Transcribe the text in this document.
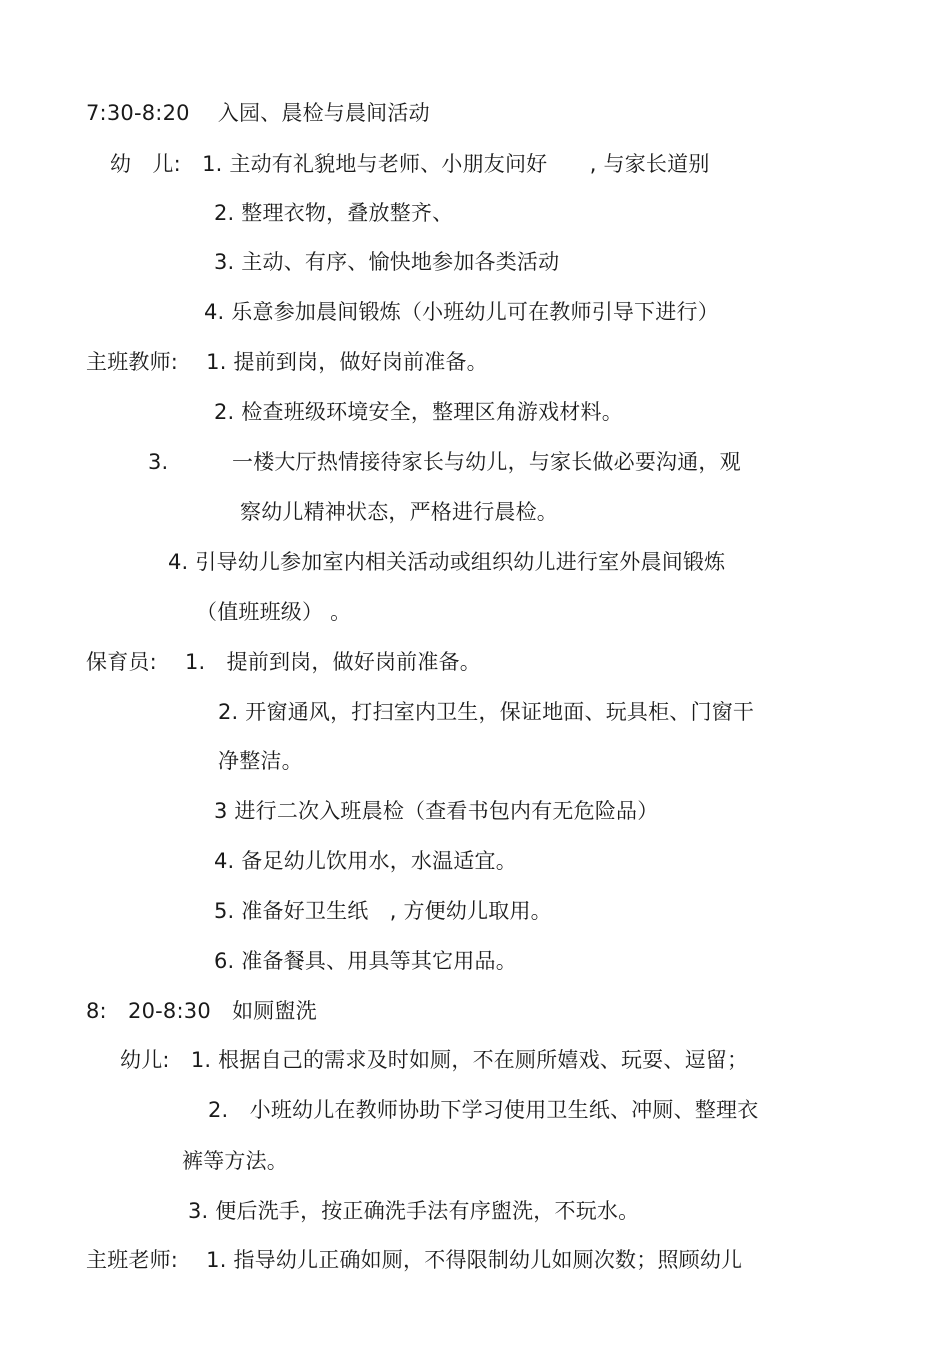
7:30-8:20　 入园、晨检与晨间活动
幼　儿:　1. 主动有礼貌地与老师、小朋友问好　　, 与家长道别
2. 整理衣物，叠放整齐、
3. 主动、有序、愉快地参加各类活动
4. 乐意参加晨间锻炼（小班幼儿可在教师引导下进行）
主班教师:　 1. 提前到岗，做好岗前准备。
2. 检查班级环境安全，整理区角游戏材料。
3.　　　一楼大厅热情接待家长与幼儿，与家长做必要沟通，观
察幼儿精神状态，严格进行晨检。
4. 引导幼儿参加室内相关活动或组织幼儿进行室外晨间锻炼
（值班班级） 。
保育员:　 1.　提前到岗，做好岗前准备。
2. 开窗通风，打扫室内卫生，保证地面、玩具柜、门窗干
净整洁。
3 进行二次入班晨检（查看书包内有无危险品）
4. 备足幼儿饮用水，水温适宜。
5. 准备好卫生纸　, 方便幼儿取用。
6. 准备餐具、用具等其它用品。
8:　20-8:30　如厕盥洗
幼儿:　1. 根据自己的需求及时如厕，不在厕所嬉戏、玩耍、逗留；
2.　小班幼儿在教师协助下学习使用卫生纸、冲厕、整理衣
裤等方法。
3. 便后洗手，按正确洗手法有序盥洗，不玩水。
主班老师:　 1. 指导幼儿正确如厕，不得限制幼儿如厕次数；照顾幼儿
